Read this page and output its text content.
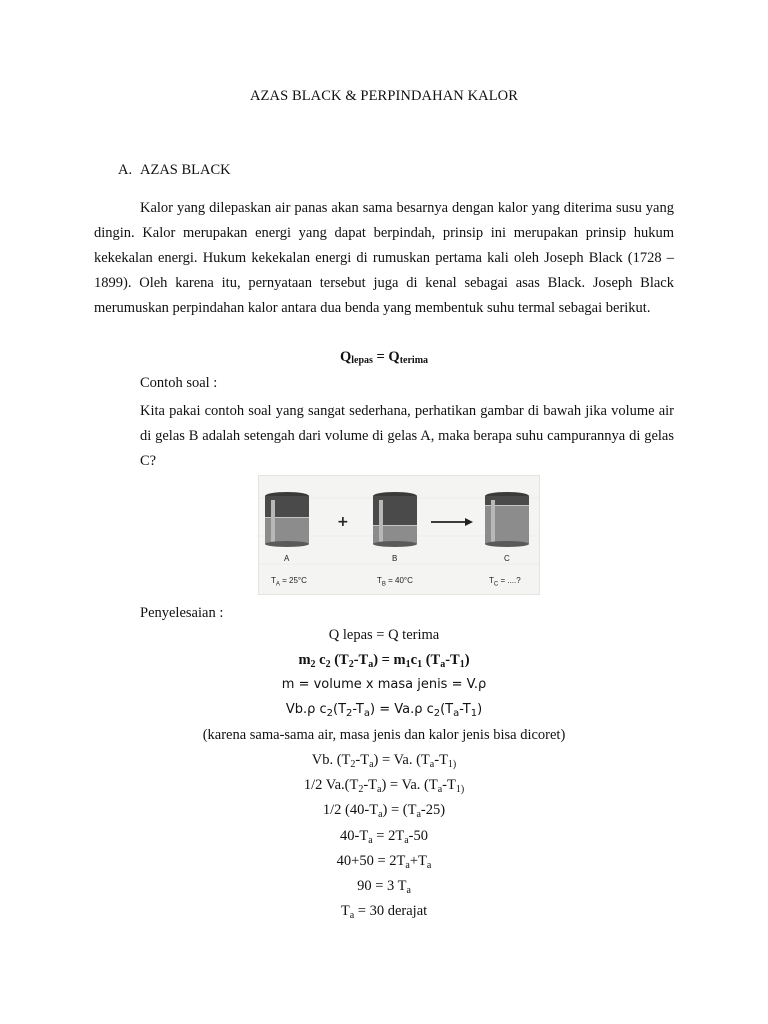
AZAS BLACK & PERPINDAHAN KALOR
A. AZAS BLACK

Kalor yang dilepaskan air panas akan sama besarnya dengan kalor yang diterima susu yang dingin. Kalor merupakan energi yang dapat berpindah, prinsip ini merupakan prinsip hukum kekekalan energi. Hukum kekekalan energi di rumuskan pertama kali oleh Joseph Black (1728 –1899). Oleh karena itu, pernyataan tersebut juga di kenal sebagai asas Black. Joseph Black merumuskan perpindahan kalor antara dua benda yang membentuk suhu termal sebagai berikut.

$Q_{lepas} = Q_{terima}$
Contoh soal :

Kita pakai contoh soal yang sangat sederhana, perhatikan gambar di bawah jika volume air di gelas B adalah setengah dari volume di gelas A, maka berapa suhu campurannya di gelas C?

+
A	B	C
$T_A = 25^\circ C$	$T_B = 40^\circ C$	$T_C$ = ....?
Penyelesaian :
Q lepas = Q terima
$m_2$ $c_2$ $(T_2-T_a) = m_1c_1$ $(T_a-T_1)$
m = volume x masa jenis = V.ρ
Vb.ρ $c_2(T_2-T_a) = Va.\rho$ $c_2(T_a-T_1)$
(karena sama-sama air, masa jenis dan kalor jenis bisa dicoret)
Vb. $(T_2-T_a) = Va$. ($T_a-T_{1)}$
1/2 $Va.(T_2-T_a) = Va$. ($T_a-T_{1)}$
1/2 $(40-T_a) = (T_a-25)$
$40-T_a = 2T_a-50$
$40+50 = 2T_a+T_a$
90 = 3 $T_a$
$T_a = 30$ derajat
